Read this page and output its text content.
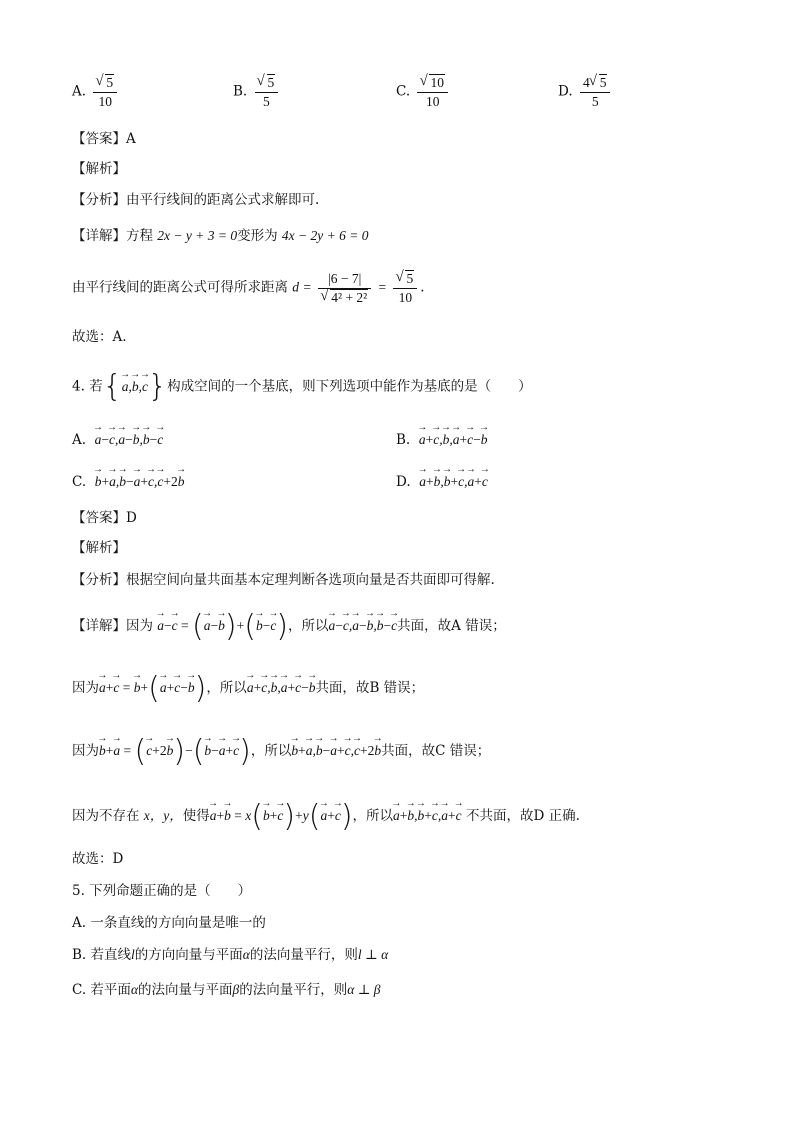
A. √ $\frac{5}{10}$	B. √ $\frac{5}{5}$	C. √ $\frac{10}{10}$	D. $\frac{4 √ 5}{5}$
【答案】A
【解析】
【分析】由平行线间的距离公式求解即可.
【详解】方程 2x − y + 3 = 0变形为 4x − 2y + 6 = 0
由平行线间的距离公式可得所求距离 d = |6 − 7|
√ 4² + 2² = √ $\frac{5}{10}$ .
故选：A.
4. 若{→ a,→ b,→ c}构成空间的一个基底，则下列选项中能作为基底的是（　　）
A. → a−→ c,→ a−→ b,→ b−→ c	B. → a+→ c,→ b,→ a+→ c−→ b
C. → b+→ a,→ b−→ a+→ c,→ c+2→ b	D. → a+→ b,→ b+→ c,→ a+→ c
【答案】D
【解析】
【分析】根据空间向量共面基本定理判断各选项向量是否共面即可得解.
【详解】因为 → a−→ c = (→ a−→ b)+(→ b−→ c)，所以→ a−→ c,→ a−→ b,→ b−→ c共面，故A 错误；
因为→ a+→ c = → b+(→ a+→ c−→ b)，所以→ a+→ c,→ b,→ a+→ c−→ b共面，故B 错误；
因为→ b+→ a = (→ c+2→ b)−(→ b−→ a+→ c)，所以→ b+→ a,→ b−→ a+→ c,→ c+2→ b共面，故C 错误；
因为不存在 x，y，使得→ a+→ b = x(→ b+→ c)+y(→ a+→ c)，所以→ a+→ b,→ b+→ c,→ a+→ c 不共面，故D 正确.
故选：D
5. 下列命题正确的是（　　）
A. 一条直线的方向向量是唯一的
B. 若直线l的方向向量与平面α的法向量平行，则l ⊥ α
C. 若平面α的法向量与平面β的法向量平行，则α ⊥ β
